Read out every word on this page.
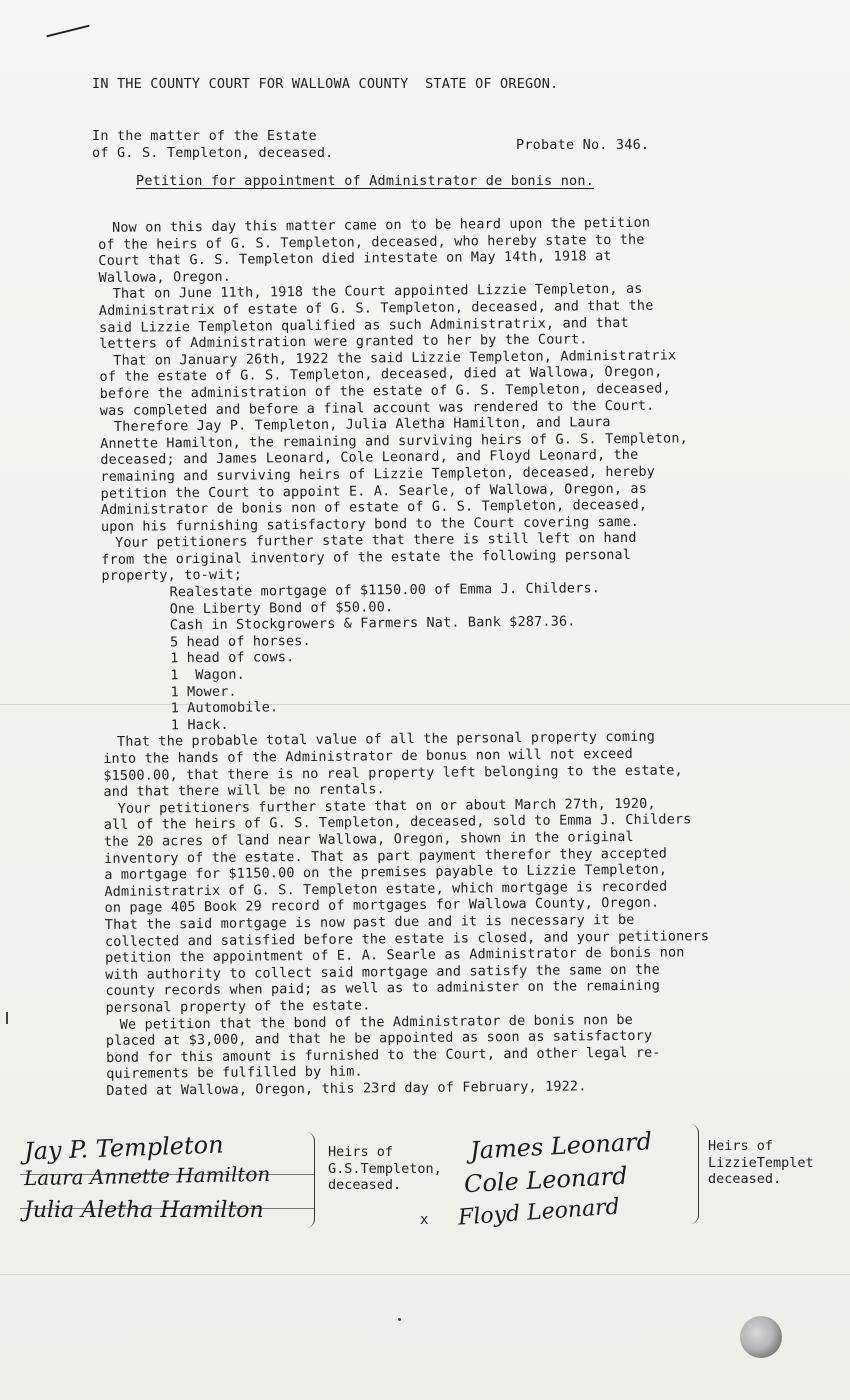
IN THE COUNTY COURT FOR WALLOWA COUNTY  STATE OF OREGON.
In the matter of the Estate
of G. S. Templeton, deceased.	Probate No. 346.
Petition for appointment of Administrator de bonis non.
Now on this day this matter came on to be heard upon the petition
of the heirs of G. S. Templeton, deceased, who hereby state to the
Court that G. S. Templeton died intestate on May 14th, 1918 at
Wallowa, Oregon.
That on June 11th, 1918 the Court appointed Lizzie Templeton, as
Administratrix of estate of G. S. Templeton, deceased, and that the
said Lizzie Templeton qualified as such Administratrix, and that
letters of Administration were granted to her by the Court.
That on January 26th, 1922 the said Lizzie Templeton, Administratrix
of the estate of G. S. Templeton, deceased, died at Wallowa, Oregon,
before the administration of the estate of G. S. Templeton, deceased,
was completed and before a final account was rendered to the Court.
Therefore Jay P. Templeton, Julia Aletha Hamilton, and Laura
Annette Hamilton, the remaining and surviving heirs of G. S. Templeton,
deceased; and James Leonard, Cole Leonard, and Floyd Leonard, the
remaining and surviving heirs of Lizzie Templeton, deceased, hereby
petition the Court to appoint E. A. Searle, of Wallowa, Oregon, as
Administrator de bonis non of estate of G. S. Templeton, deceased,
upon his furnishing satisfactory bond to the Court covering same.
Your petitioners further state that there is still left on hand
from the original inventory of the estate the following personal
property, to-wit;
Realestate mortgage of $1150.00 of Emma J. Childers.
One Liberty Bond of $50.00.
Cash in Stockgrowers & Farmers Nat. Bank $287.36.
5 head of horses.
1 head of cows.
1  Wagon.
1 Mower.
1 Automobile.
1 Hack.
That the probable total value of all the personal property coming
into the hands of the Administrator de bonus non will not exceed
$1500.00, that there is no real property left belonging to the estate,
and that there will be no rentals.
Your petitioners further state that on or about March 27th, 1920,
all of the heirs of G. S. Templeton, deceased, sold to Emma J. Childers
the 20 acres of land near Wallowa, Oregon, shown in the original
inventory of the estate. That as part payment therefor they accepted
a mortgage for $1150.00 on the premises payable to Lizzie Templeton,
Administratrix of G. S. Templeton estate, which mortgage is recorded
on page 405 Book 29 record of mortgages for Wallowa County, Oregon.
That the said mortgage is now past due and it is necessary it be
collected and satisfied before the estate is closed, and your petitioners
petition the appointment of E. A. Searle as Administrator de bonis non
with authority to collect said mortgage and satisfy the same on the
county records when paid; as well as to administer on the remaining
personal property of the estate.
We petition that the bond of the Administrator de bonis non be
placed at $3,000, and that he be appointed as soon as satisfactory
bond for this amount is furnished to the Court, and other legal re-
quirements be fulfilled by him.
Dated at Wallowa, Oregon, this 23rd day of February, 1922.
Jay P. Templeton
Laura Annette Hamilton
Julia Aletha Hamilton
Heirs of
G.S.Templeton,
deceased.
James Leonard
Cole Leonard
x Floyd Leonard
Heirs of
LizzieTemplet
deceased.
